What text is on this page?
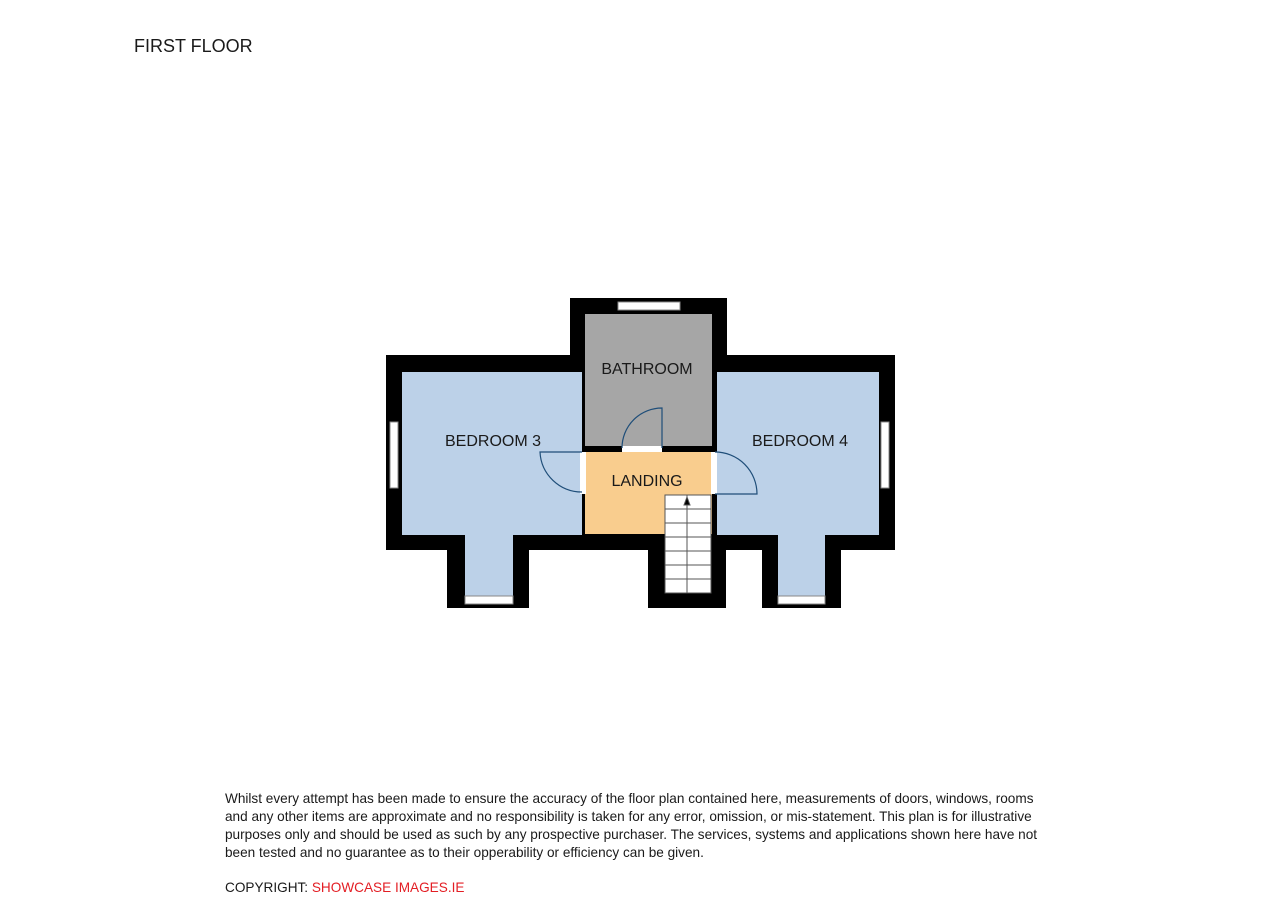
FIRST FLOOR
BATHROOM
BEDROOM 3	BEDROOM 4
LANDING
Whilst every attempt has been made to ensure the accuracy of the floor plan contained here, measurements of doors, windows, rooms and any other items are approximate and no responsibility is taken for any error, omission, or mis-statement. This plan is for illustrative purposes only and should be used as such by any prospective purchaser. The services, systems and applications shown here have not been tested and no guarantee as to their opperability or efficiency can be given.
COPYRIGHT: SHOWCASE IMAGES.IE
